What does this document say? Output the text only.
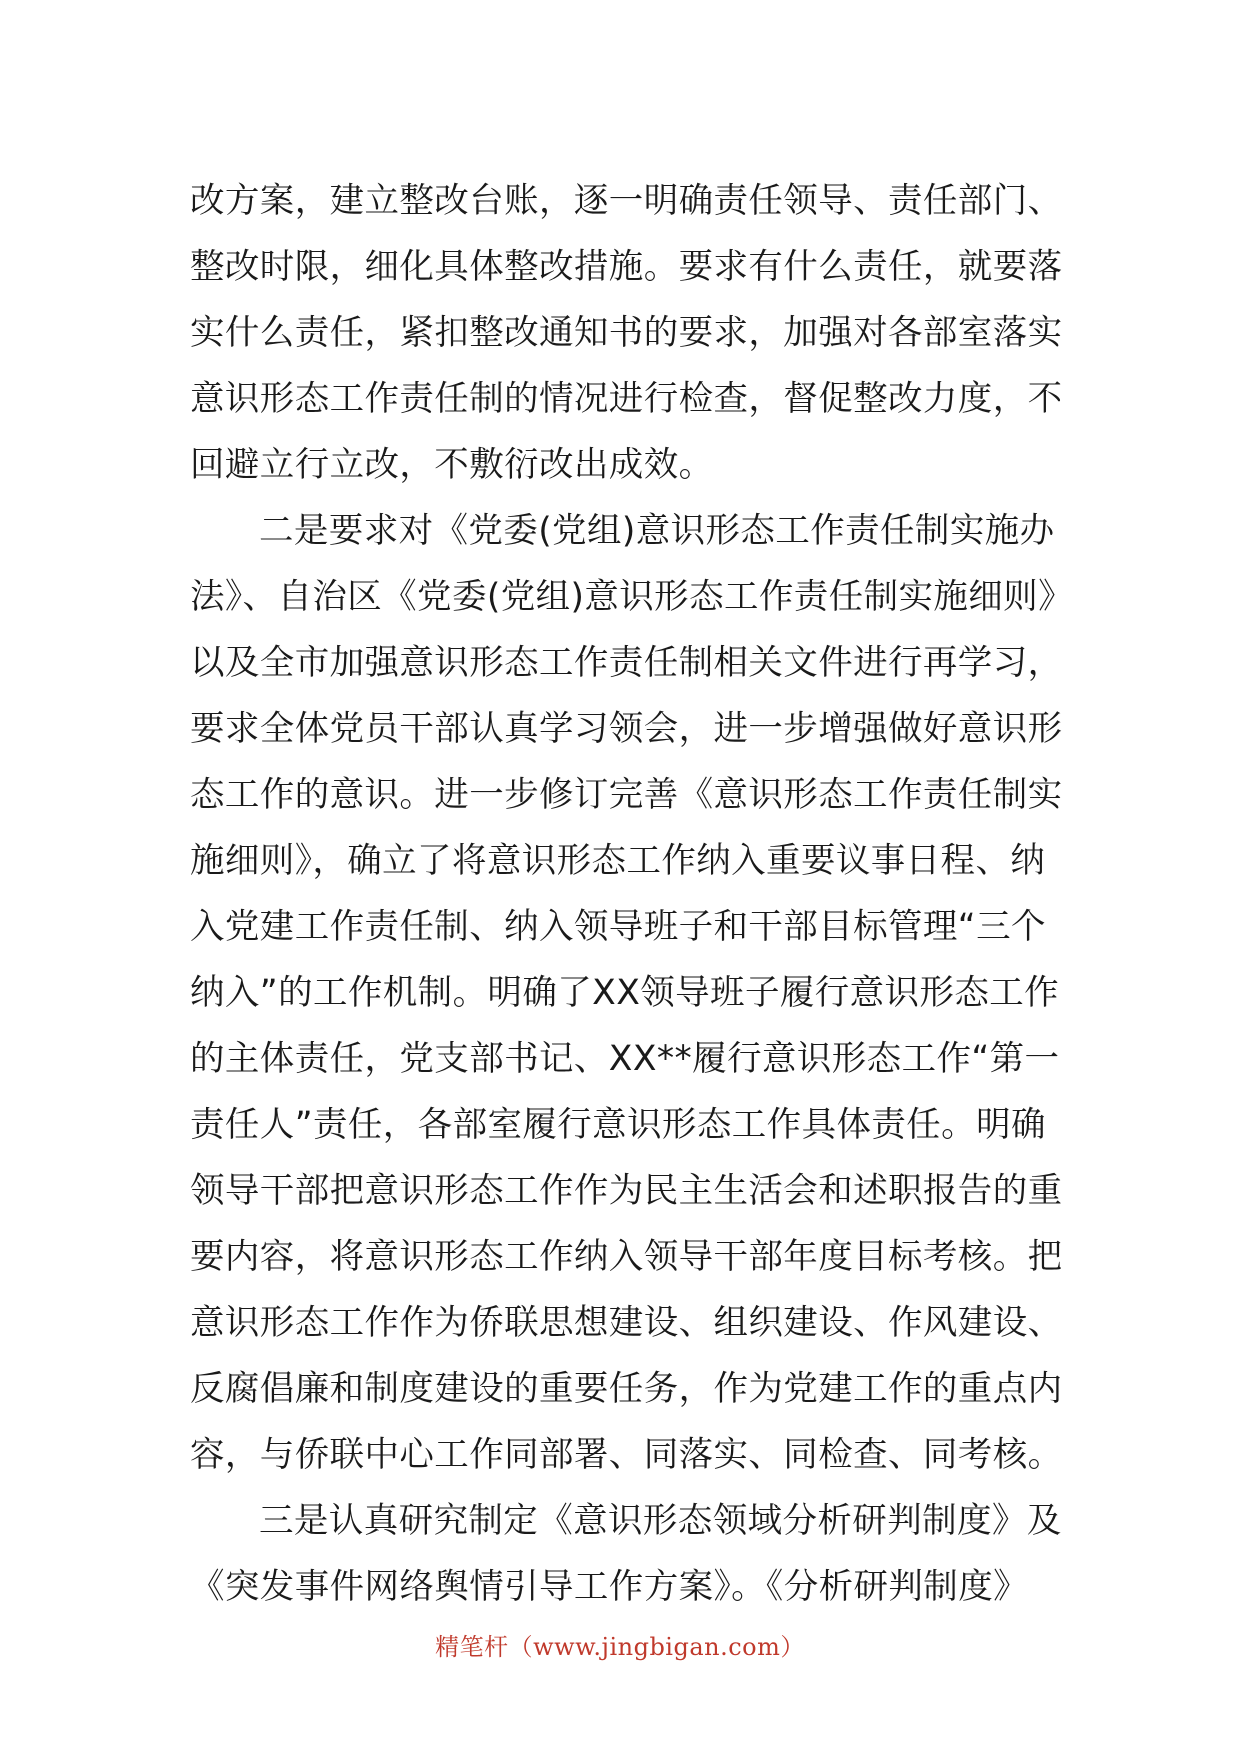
改方案，建立整改台账，逐一明确责任领导、责任部门、
整改时限，细化具体整改措施。要求有什么责任，就要落
实什么责任，紧扣整改通知书的要求，加强对各部室落实
意识形态工作责任制的情况进行检查，督促整改力度，不
回避立行立改，不敷衍改出成效。
二是要求对《党委(党组)意识形态工作责任制实施办
法》、自治区《党委(党组)意识形态工作责任制实施细则》
以及全市加强意识形态工作责任制相关文件进行再学习，
要求全体党员干部认真学习领会，进一步增强做好意识形
态工作的意识。进一步修订完善《意识形态工作责任制实
施细则》，确立了将意识形态工作纳入重要议事日程、纳
入党建工作责任制、纳入领导班子和干部目标管理“三个
纳入”的工作机制。明确了XX领导班子履行意识形态工作
的主体责任，党支部书记、XX**履行意识形态工作“第一
责任人”责任，各部室履行意识形态工作具体责任。明确
领导干部把意识形态工作作为民主生活会和述职报告的重
要内容，将意识形态工作纳入领导干部年度目标考核。把
意识形态工作作为侨联思想建设、组织建设、作风建设、
反腐倡廉和制度建设的重要任务，作为党建工作的重点内
容，与侨联中心工作同部署、同落实、同检查、同考核。
三是认真研究制定《意识形态领域分析研判制度》及
《突发事件网络舆情引导工作方案》。《分析研判制度》
精笔杆（www.jingbigan.com）
